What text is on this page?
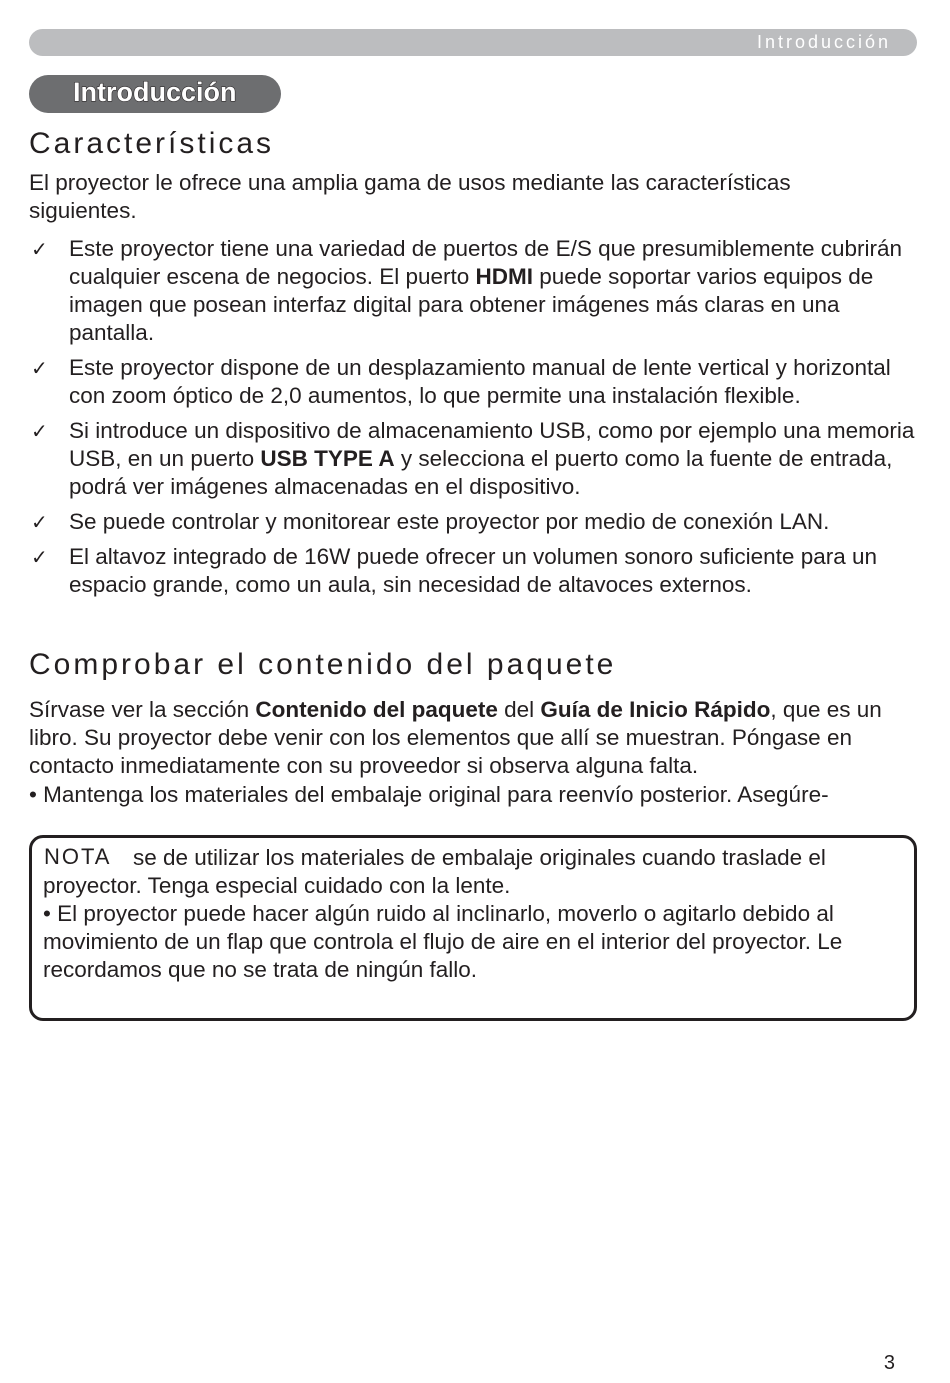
Introducción
Introducción
Características

El proyector le ofrece una amplia gama de usos mediante las características siguientes.

✓ Este proyector tiene una variedad de puertos de E/S que presumiblemente cubrirán cualquier escena de negocios. El puerto HDMI puede soportar varios equipos de imagen que posean interfaz digital para obtener imágenes más claras en una pantalla.
✓ Este proyector dispone de un desplazamiento manual de lente vertical y horizontal con zoom óptico de 2,0 aumentos, lo que permite una instalación flexible.
✓ Si introduce un dispositivo de almacenamiento USB, como por ejemplo una memoria USB, en un puerto USB TYPE A y selecciona el puerto como la fuente de entrada, podrá ver imágenes almacenadas en el dispositivo.
✓ Se puede controlar y monitorear este proyector por medio de conexión LAN.
✓ El altavoz integrado de 16W puede ofrecer un volumen sonoro suficiente para un espacio grande, como un aula, sin necesidad de altavoces externos.
Comprobar el contenido del paquete

Sírvase ver la sección Contenido del paquete del Guía de Inicio Rápido, que es un libro. Su proyector debe venir con los elementos que allí se muestran. Póngase en contacto inmediatamente con su proveedor si observa alguna falta.

• Mantenga los materiales del embalaje original para reenvío posterior. Asegúre-

NOTA se de utilizar los materiales de embalaje originales cuando traslade el proyector. Tenga especial cuidado con la lente.
• El proyector puede hacer algún ruido al inclinarlo, moverlo o agitarlo debido al movimiento de un flap que controla el flujo de aire en el interior del proyector. Le recordamos que no se trata de ningún fallo.

3
